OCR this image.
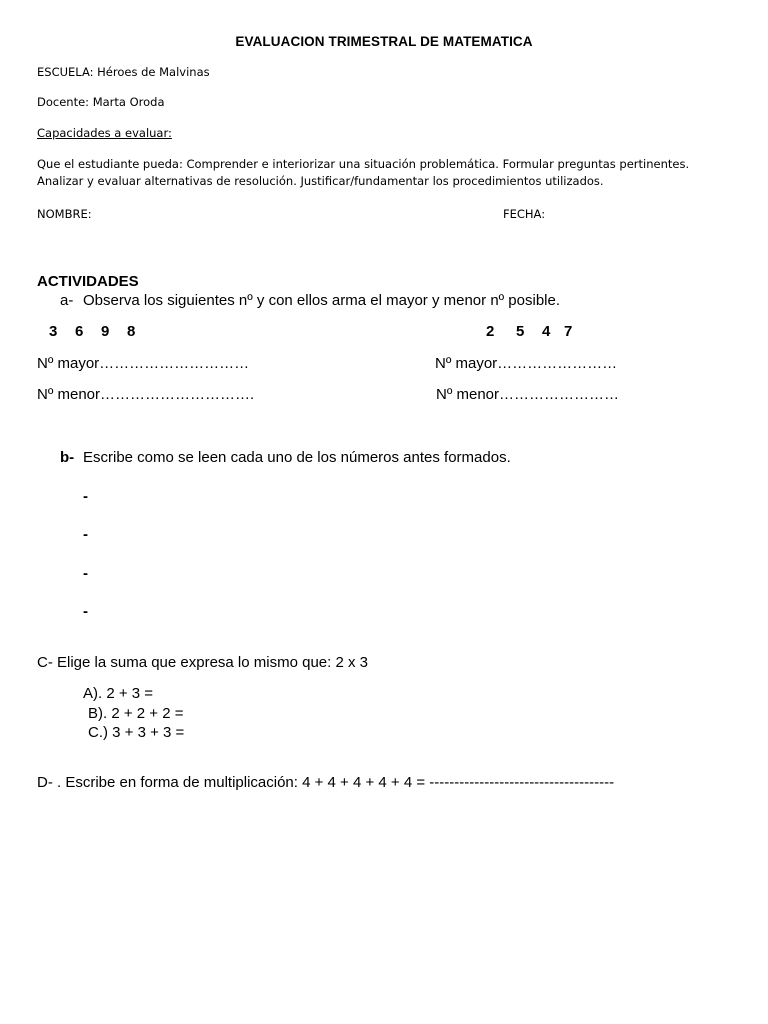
EVALUACION TRIMESTRAL DE MATEMATICA
ESCUELA: Héroes de Malvinas
Docente: Marta Oroda
Capacidades a evaluar:
Que el estudiante pueda: Comprender e interiorizar una situación problemática. Formular preguntas pertinentes.
Analizar y evaluar alternativas de resolución. Justificar/fundamentar los procedimientos utilizados.
NOMBRE:	FECHA:
ACTIVIDADES
a- Observa los siguientes nº y con ellos arma el mayor y menor nº posible.
3 6 9 8	2 5 4 7
Nº mayor…………………………	Nº mayor……………………
Nº menor………………………….	Nº menor……………………
b- Escribe como se leen cada uno de los números antes formados.
-
-
-
-
C- Elige la suma que expresa lo mismo que: 2 x 3
A). 2 + 3 =
B). 2 + 2 + 2 =
C.) 3 + 3 + 3 =
D- . Escribe en forma de multiplicación: 4 + 4 + 4 + 4 + 4 = -------------------------------------
